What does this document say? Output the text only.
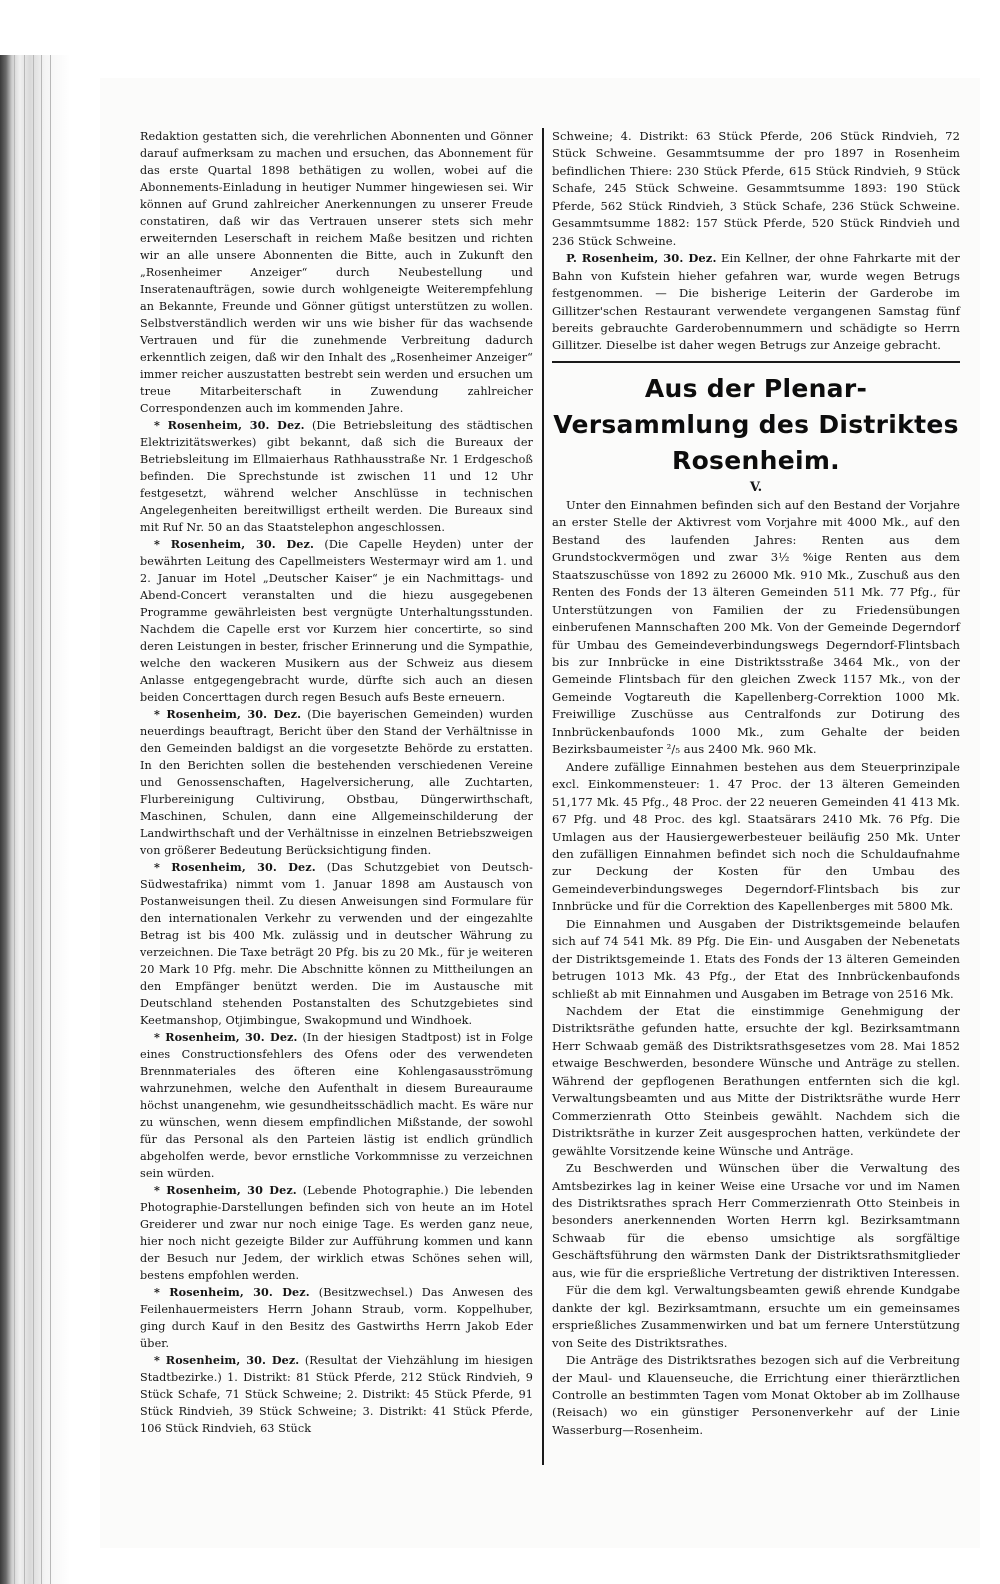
Redaktion gestatten sich, die verehrlichen Abonnenten und Gönner darauf aufmerksam zu machen und ersuchen, das Abonnement für das erste Quartal 1898 bethätigen zu wollen, wobei auf die Abonnements-Einladung in heutiger Nummer hingewiesen sei. Wir können auf Grund zahlreicher Anerkennungen zu unserer Freude constatiren, daß wir das Vertrauen unserer stets sich mehr erweiternden Leserschaft in reichem Maße besitzen und richten wir an alle unsere Abonnenten die Bitte, auch in Zukunft den „Rosenheimer Anzeiger“ durch Neubestellung und Inseratenaufträgen, sowie durch wohlgeneigte Weiterempfehlung an Bekannte, Freunde und Gönner gütigst unterstützen zu wollen. Selbstverständlich werden wir uns wie bisher für das wachsende Vertrauen und für die zunehmende Verbreitung dadurch erkenntlich zeigen, daß wir den Inhalt des „Rosenheimer Anzeiger“ immer reicher auszustatten bestrebt sein werden und ersuchen um treue Mitarbeiterschaft in Zuwendung zahlreicher Correspondenzen auch im kommenden Jahre.

* Rosenheim, 30. Dez. (Die Betriebsleitung des städtischen Elektrizitätswerkes) gibt bekannt, daß sich die Bureaux der Betriebsleitung im Ellmaierhaus Rathhausstraße Nr. 1 Erdgeschoß befinden. Die Sprechstunde ist zwischen 11 und 12 Uhr festgesetzt, während welcher Anschlüsse in technischen Angelegenheiten bereitwilligst ertheilt werden. Die Bureaux sind mit Ruf Nr. 50 an das Staatstelephon angeschlossen.

* Rosenheim, 30. Dez. (Die Capelle Heyden) unter der bewährten Leitung des Capellmeisters Westermayr wird am 1. und 2. Januar im Hotel „Deutscher Kaiser“ je ein Nachmittags- und Abend-Concert veranstalten und die hiezu ausgegebenen Programme gewährleisten best vergnügte Unterhaltungsstunden. Nachdem die Capelle erst vor Kurzem hier concertirte, so sind deren Leistungen in bester, frischer Erinnerung und die Sympathie, welche den wackeren Musikern aus der Schweiz aus diesem Anlasse entgegengebracht wurde, dürfte sich auch an diesen beiden Concerttagen durch regen Besuch aufs Beste erneuern.

* Rosenheim, 30. Dez. (Die bayerischen Gemeinden) wurden neuerdings beauftragt, Bericht über den Stand der Verhältnisse in den Gemeinden baldigst an die vorgesetzte Behörde zu erstatten. In den Berichten sollen die bestehenden verschiedenen Vereine und Genossenschaften, Hagelversicherung, alle Zuchtarten, Flurbereinigung Cultivirung, Obstbau, Düngerwirthschaft, Maschinen, Schulen, dann eine Allgemeinschilderung der Landwirthschaft und der Verhältnisse in einzelnen Betriebszweigen von größerer Bedeutung Berücksichtigung finden.

* Rosenheim, 30. Dez. (Das Schutzgebiet von Deutsch-Südwestafrika) nimmt vom 1. Januar 1898 am Austausch von Postanweisungen theil. Zu diesen Anweisungen sind Formulare für den internationalen Verkehr zu verwenden und der eingezahlte Betrag ist bis 400 Mk. zulässig und in deutscher Währung zu verzeichnen. Die Taxe beträgt 20 Pfg. bis zu 20 Mk., für je weiteren 20 Mark 10 Pfg. mehr. Die Abschnitte können zu Mittheilungen an den Empfänger benützt werden. Die im Austausche mit Deutschland stehenden Postanstalten des Schutzgebietes sind Keetmanshop, Otjimbingue, Swakopmund und Windhoek.

* Rosenheim, 30. Dez. (In der hiesigen Stadtpost) ist in Folge eines Constructionsfehlers des Ofens oder des verwendeten Brennmateriales des öfteren eine Kohlengasausströmung wahrzunehmen, welche den Aufenthalt in diesem Bureauraume höchst unangenehm, wie gesundheitsschädlich macht. Es wäre nur zu wünschen, wenn diesem empfindlichen Mißstande, der sowohl für das Personal als den Parteien lästig ist endlich gründlich abgeholfen werde, bevor ernstliche Vorkommnisse zu verzeichnen sein würden.

* Rosenheim, 30 Dez. (Lebende Photographie.) Die lebenden Photographie-Darstellungen befinden sich von heute an im Hotel Greiderer und zwar nur noch einige Tage. Es werden ganz neue, hier noch nicht gezeigte Bilder zur Aufführung kommen und kann der Besuch nur Jedem, der wirklich etwas Schönes sehen will, bestens empfohlen werden.

* Rosenheim, 30. Dez. (Besitzwechsel.) Das Anwesen des Feilenhauermeisters Herrn Johann Straub, vorm. Koppelhuber, ging durch Kauf in den Besitz des Gastwirths Herrn Jakob Eder über.

* Rosenheim, 30. Dez. (Resultat der Viehzählung im hiesigen Stadtbezirke.) 1. Distrikt: 81 Stück Pferde, 212 Stück Rindvieh, 9 Stück Schafe, 71 Stück Schweine; 2. Distrikt: 45 Stück Pferde, 91 Stück Rindvieh, 39 Stück Schweine; 3. Distrikt: 41 Stück Pferde, 106 Stück Rindvieh, 63 Stück

Schweine; 4. Distrikt: 63 Stück Pferde, 206 Stück Rindvieh, 72 Stück Schweine. Gesammtsumme der pro 1897 in Rosenheim befindlichen Thiere: 230 Stück Pferde, 615 Stück Rindvieh, 9 Stück Schafe, 245 Stück Schweine. Gesammtsumme 1893: 190 Stück Pferde, 562 Stück Rindvieh, 3 Stück Schafe, 236 Stück Schweine. Gesammtsumme 1882: 157 Stück Pferde, 520 Stück Rindvieh und 236 Stück Schweine.

P. Rosenheim, 30. Dez. Ein Kellner, der ohne Fahrkarte mit der Bahn von Kufstein hieher gefahren war, wurde wegen Betrugs festgenommen. — Die bisherige Leiterin der Garderobe im Gillitzer'schen Restaurant verwendete vergangenen Samstag fünf bereits gebrauchte Garderobennummern und schädigte so Herrn Gillitzer. Dieselbe ist daher wegen Betrugs zur Anzeige gebracht.

Aus der Plenar-Versammlung des Distriktes Rosenheim.

V.

Unter den Einnahmen befinden sich auf den Bestand der Vorjahre an erster Stelle der Aktivrest vom Vorjahre mit 4000 Mk., auf den Bestand des laufenden Jahres: Renten aus dem Grundstockvermögen und zwar 3½ %ige Renten aus dem Staatszuschüsse von 1892 zu 26000 Mk. 910 Mk., Zuschuß aus den Renten des Fonds der 13 älteren Gemeinden 511 Mk. 77 Pfg., für Unterstützungen von Familien der zu Friedensübungen einberufenen Mannschaften 200 Mk. Von der Gemeinde Degerndorf für Umbau des Gemeindeverbindungswegs Degerndorf-Flintsbach bis zur Innbrücke in eine Distriktsstraße 3464 Mk., von der Gemeinde Flintsbach für den gleichen Zweck 1157 Mk., von der Gemeinde Vogtareuth die Kapellenberg-Correktion 1000 Mk. Freiwillige Zuschüsse aus Centralfonds zur Dotirung des Innbrückenbaufonds 1000 Mk., zum Gehalte der beiden Bezirksbaumeister ²/₅ aus 2400 Mk. 960 Mk.

Andere zufällige Einnahmen bestehen aus dem Steuerprinzipale excl. Einkommensteuer: 1. 47 Proc. der 13 älteren Gemeinden 51,177 Mk. 45 Pfg., 48 Proc. der 22 neueren Gemeinden 41 413 Mk. 67 Pfg. und 48 Proc. des kgl. Staatsärars 2410 Mk. 76 Pfg. Die Umlagen aus der Hausiergewerbesteuer beiläufig 250 Mk. Unter den zufälligen Einnahmen befindet sich noch die Schuldaufnahme zur Deckung der Kosten für den Umbau des Gemeindeverbindungsweges Degerndorf-Flintsbach bis zur Innbrücke und für die Correktion des Kapellenberges mit 5800 Mk.

Die Einnahmen und Ausgaben der Distriktsgemeinde belaufen sich auf 74 541 Mk. 89 Pfg. Die Ein- und Ausgaben der Nebenetats der Distriktsgemeinde 1. Etats des Fonds der 13 älteren Gemeinden betrugen 1013 Mk. 43 Pfg., der Etat des Innbrückenbaufonds schließt ab mit Einnahmen und Ausgaben im Betrage von 2516 Mk.

Nachdem der Etat die einstimmige Genehmigung der Distriktsräthe gefunden hatte, ersuchte der kgl. Bezirksamtmann Herr Schwaab gemäß des Distriktsrathsgesetzes vom 28. Mai 1852 etwaige Beschwerden, besondere Wünsche und Anträge zu stellen. Während der gepflogenen Berathungen entfernten sich die kgl. Verwaltungsbeamten und aus Mitte der Distriktsräthe wurde Herr Commerzienrath Otto Steinbeis gewählt. Nachdem sich die Distriktsräthe in kurzer Zeit ausgesprochen hatten, verkündete der gewählte Vorsitzende keine Wünsche und Anträge.

Zu Beschwerden und Wünschen über die Verwaltung des Amtsbezirkes lag in keiner Weise eine Ursache vor und im Namen des Distriktsrathes sprach Herr Commerzienrath Otto Steinbeis in besonders anerkennenden Worten Herrn kgl. Bezirksamtmann Schwaab für die ebenso umsichtige als sorgfältige Geschäftsführung den wärmsten Dank der Distriktsrathsmitglieder aus, wie für die ersprießliche Vertretung der distriktiven Interessen.

Für die dem kgl. Verwaltungsbeamten gewiß ehrende Kundgabe dankte der kgl. Bezirksamtmann, ersuchte um ein gemeinsames ersprießliches Zusammenwirken und bat um fernere Unterstützung von Seite des Distriktsrathes.

Die Anträge des Distriktsrathes bezogen sich auf die Verbreitung der Maul- und Klauenseuche, die Errichtung einer thierärztlichen Controlle an bestimmten Tagen vom Monat Oktober ab im Zollhause (Reisach) wo ein günstiger Personenverkehr auf der Linie Wasserburg—Rosenheim.
